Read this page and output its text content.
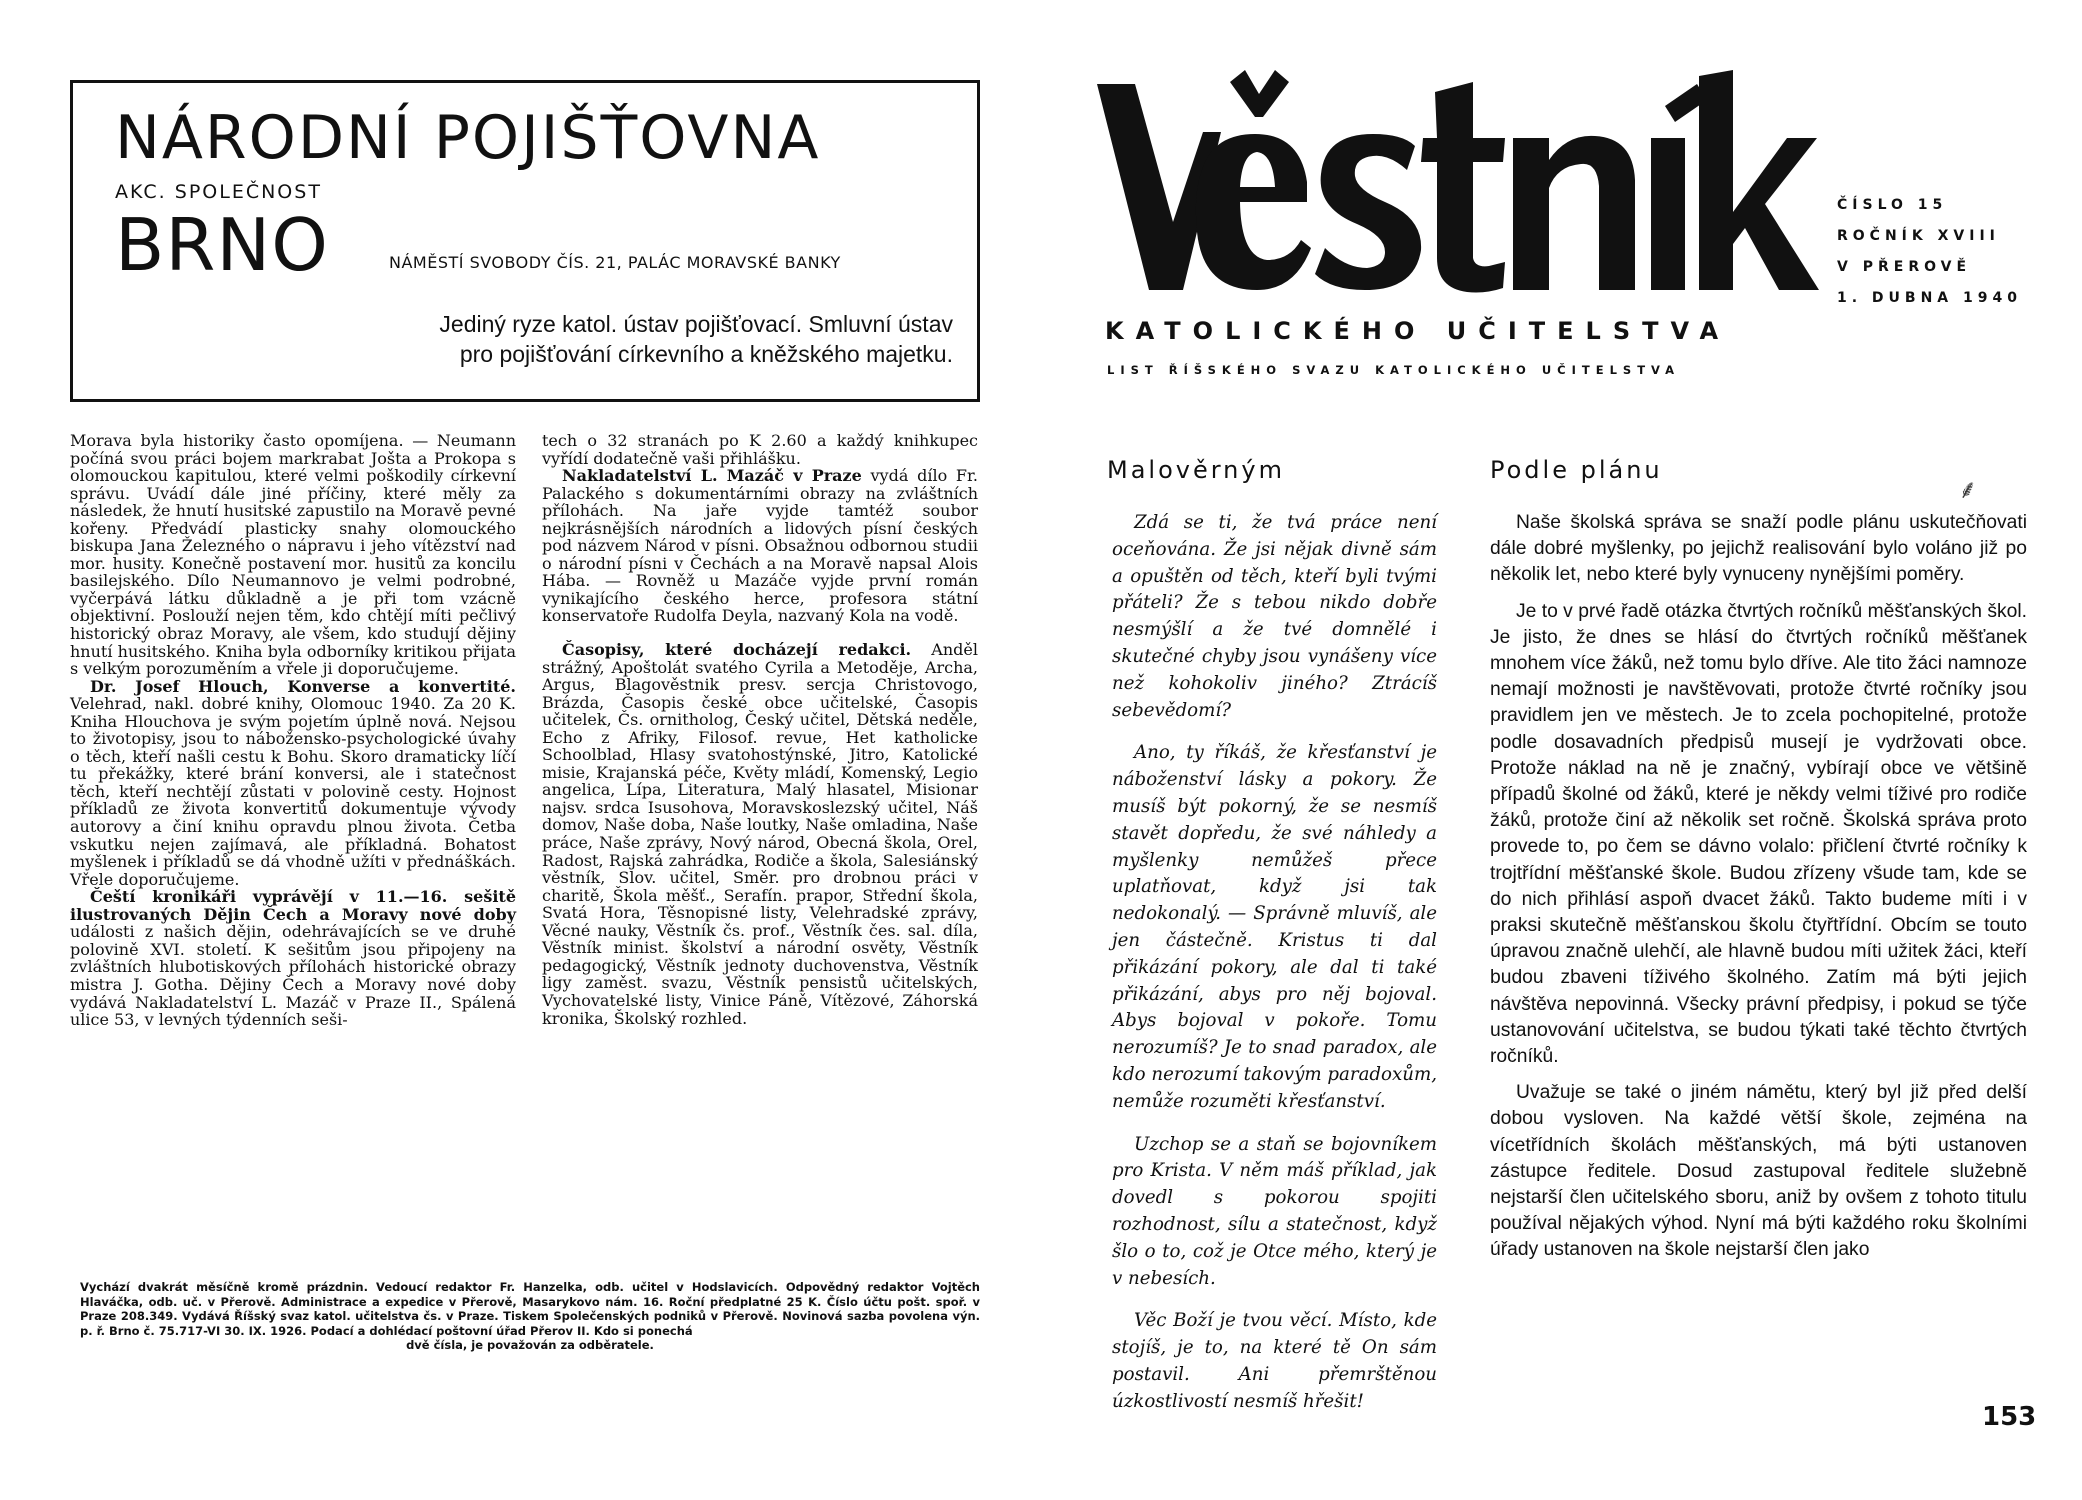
NÁRODNÍ POJIŠŤOVNA
AKC. SPOLEČNOST
BRNO	NÁMĚSTÍ SVOBODY ČÍS. 21, PALÁC MORAVSKÉ BANKY
Jediný ryze katol. ústav pojišťovací. Smluvní ústav
pro pojišťování církevního a kněžského majetku.

Morava byla historiky často opomíjena. — Neumann počíná svou práci bojem markrabat Jošta a Prokopa s olomouckou kapitulou, které velmi poškodily církevní správu. Uvádí dále jiné příčiny, které měly za následek, že hnutí husitské zapustilo na Moravě pevné kořeny. Předvádí plasticky snahy olomouckého biskupa Jana Železného o nápravu i jeho vítězství nad mor. husity. Konečně postavení mor. husitů za koncilu basilejského. Dílo Neumannovo je velmi podrobné, vyčerpává látku důkladně a je při tom vzácně objektivní. Poslouží nejen těm, kdo chtějí míti pečlivý historický obraz Moravy, ale všem, kdo studují dějiny hnutí husitského. Kniha byla odborníky kritikou přijata s velkým porozuměním a vřele ji doporučujeme.

Dr. Josef Hlouch, Konverse a konvertité. Velehrad, nakl. dobré knihy, Olomouc 1940. Za 20 K. Kniha Hlouchova je svým pojetím úplně nová. Nejsou to životopisy, jsou to nábožensko-psychologické úvahy o těch, kteří našli cestu k Bohu. Skoro dramaticky líčí tu překážky, které brání konversi, ale i statečnost těch, kteří nechtějí zůstati v polovině cesty. Hojnost příkladů ze života konvertitů dokumentuje vývody autorovy a činí knihu opravdu plnou života. Četba vskutku nejen zajímavá, ale příkladná. Bohatost myšlenek i příkladů se dá vhodně užíti v přednáškách. Vřele doporučujeme.

Čeští kronikáři vyprávějí v 11.—16. sešitě ilustrovaných Dějin Čech a Moravy nové doby události z našich dějin, odehrávajících se ve druhé polovině XVI. století. K sešitům jsou připojeny na zvláštních hlubotiskových přílohách historické obrazy mistra J. Gotha. Dějiny Čech a Moravy nové doby vydává Nakladatelství L. Mazáč v Praze II., Spálená ulice 53, v levných týdenních seši-

tech o 32 stranách po K 2.60 a každý knihkupec vyřídí dodatečně vaši přihlášku.

Nakladatelství L. Mazáč v Praze vydá dílo Fr. Palackého s dokumentárními obrazy na zvláštních přílohách. Na jaře vyjde tamtéž soubor nejkrásnějších národních a lidových písní českých pod názvem Národ v písni. Obsažnou odbornou studii o národní písni v Čechách a na Moravě napsal Alois Hába. — Rovněž u Mazáče vyjde první román vynikajícího českého herce, profesora státní konservatoře Rudolfa Deyla, nazvaný Kola na vodě.

Časopisy, které docházejí redakci. Anděl strážný, Apoštolát svatého Cyrila a Metoděje, Archa, Argus, Blagověstnik presv. sercja Christovogo, Brázda, Časopis české obce učitelské, Časopis učitelek, Čs. ornitholog, Český učitel, Dětská neděle, Echo z Afriky, Filosof. revue, Het katholicke Schoolblad, Hlasy svatohostýnské, Jitro, Katolické misie, Krajanská péče, Květy mládí, Komenský, Legio angelica, Lípa, Literatura, Malý hlasatel, Misionar najsv. srdca Isusohova, Moravskoslezský učitel, Náš domov, Naše doba, Naše loutky, Naše omladina, Naše práce, Naše zprávy, Nový národ, Obecná škola, Orel, Radost, Rajská zahrádka, Rodiče a škola, Salesiánský věstník, Slov. učitel, Směr. pro drobnou práci v charitě, Škola měšť., Serafín. prapor, Střední škola, Svatá Hora, Těsnopisné listy, Velehradské zprávy, Věcné nauky, Věstník čs. prof., Věstník čes. sal. díla, Věstník minist. školství a národní osvěty, Věstník pedagogický, Věstník jednoty duchovenstva, Věstník ligy zaměst. svazu, Věstník pensistů učitelských, Vychovatelské listy, Vinice Páně, Vítězové, Záhorská kronika, Školský rozhled.

Vychází dvakrát měsíčně kromě prázdnin. Vedoucí redaktor Fr. Hanzelka, odb. učitel v Hodslavicích. Odpovědný redaktor Vojtěch Hlaváčka, odb. uč. v Přerově. Administrace a expedice v Přerově, Masarykovo nám. 16. Roční předplatné 25 K. Číslo účtu pošt. spoř. v Praze 208.349. Vydává Říšský svaz katol. učitelstva čs. v Praze. Tiskem Společenských podniků v Přerově. Novinová sazba povolena výn. p. ř. Brno č. 75.717-VI 30. IX. 1926. Podací a dohlédací poštovní úřad Přerov II. Kdo si ponechá
dvě čísla, je považován za odběratele.
ČÍSLO 15
ROČNÍK XVIII
V PŘEROVĚ
1. DUBNA 1940
KATOLICKÉHO UČITELSTVA
LIST ŘÍŠSKÉHO SVAZU KATOLICKÉHO UČITELSTVA
Malověrným	Podle plánu
⸙

Zdá se ti, že tvá práce není oceňována. Že jsi nějak divně sám a opuštěn od těch, kteří byli tvými přáteli? Že s tebou nikdo dobře nesmýšlí a že tvé domnělé i skutečné chyby jsou vynášeny více než kohokoliv jiného? Ztrácíš sebevědomí?

Ano, ty říkáš, že křesťanství je náboženství lásky a pokory. Že musíš být pokorný, že se nesmíš stavět dopředu, že své náhledy a myšlenky nemůžeš přece uplatňovat, když jsi tak nedokonalý. — Správně mluvíš, ale jen částečně. Kristus ti dal přikázání pokory, ale dal ti také přikázání, abys pro něj bojoval. Abys bojoval v pokoře. Tomu nerozumíš? Je to snad paradox, ale kdo nerozumí takovým paradoxům, nemůže rozuměti křesťanství.

Uzchop se a staň se bojovníkem pro Krista. V něm máš příklad, jak dovedl s pokorou spojiti rozhodnost, sílu a statečnost, když šlo o to, což je Otce mého, který je v nebesích.

Věc Boží je tvou věcí. Místo, kde stojíš, je to, na které tě On sám postavil. Ani přemrštěnou úzkostlivostí nesmíš hřešit!

Naše školská správa se snaží podle plánu uskutečňovati dále dobré myšlenky, po jejichž realisování bylo voláno již po několik let, nebo které byly vynuceny nynějšími poměry.

Je to v prvé řadě otázka čtvrtých ročníků měšťanských škol. Je jisto, že dnes se hlásí do čtvrtých ročníků měšťanek mnohem více žáků, než tomu bylo dříve. Ale tito žáci namnoze nemají možnosti je navštěvovati, protože čtvrté ročníky jsou pravidlem jen ve městech. Je to zcela pochopitelné, protože podle dosavadních předpisů musejí je vydržovati obce. Protože náklad na ně je značný, vybírají obce ve většině případů školné od žáků, které je někdy velmi tíživé pro rodiče žáků, protože činí až několik set ročně. Školská správa proto provede to, po čem se dávno volalo: přičlení čtvrté ročníky k trojtřídní měšťanské škole. Budou zřízeny všude tam, kde se do nich přihlásí aspoň dvacet žáků. Takto budeme míti i v praksi skutečně měšťanskou školu čtyřtřídní. Obcím se touto úpravou značně ulehčí, ale hlavně budou míti užitek žáci, kteří budou zbaveni tíživého školného. Zatím má býti jejich návštěva nepovinná. Všecky právní předpisy, i pokud se týče ustanovování učitelstva, se budou týkati také těchto čtvrtých ročníků.

Uvažuje se také o jiném námětu, který byl již před delší dobou vysloven. Na každé větší škole, zejména na vícetřídních školách měšťanských, má býti ustanoven zástupce ředitele. Dosud zastupoval ředitele služebně nejstarší člen učitelského sboru, aniž by ovšem z tohoto titulu používal nějakých výhod. Nyní má býti každého roku školními úřady ustanoven na škole nejstarší člen jako

153
